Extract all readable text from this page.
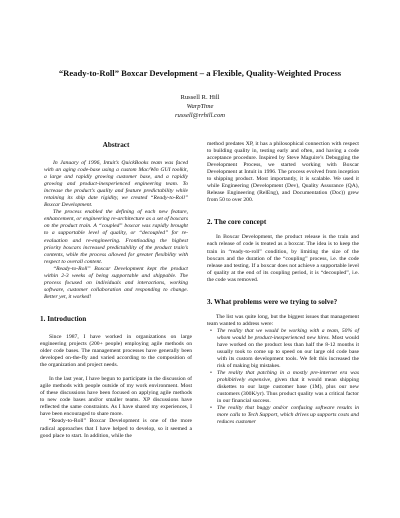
“Ready-to-Roll” Boxcar Development – a Flexible, Quality-Weighted Process
Russell R. Hill
WarpTime
russell@rrhill.com
Abstract

In January of 1996, Intuit’s QuickBooks team was faced with an aging code-base using a custom Mac/Win GUI toolkit, a large and rapidly growing customer base, and a rapidly growing and product-inexperienced engineering team. To increase the product’s quality and feature predictability while retaining its ship date rigidity, we created “Ready-to-Roll” Boxcar Development.

The process enabled the defining of each new feature, enhancement, or engineering re-architecture as a set of boxcars on the product train. A “coupled” boxcar was rapidly brought to a supportable level of quality, or “decoupled” for re-evaluation and re-engineering. Frontloading the highest priority boxcars increased predictability of the product train’s contents, while the process allowed for greater flexibility with respect to overall content.

“Ready-to-Roll” Boxcar Development kept the product within 2-3 weeks of being supportable and shippable. The process focused on individuals and interactions, working software, customer collaboration and responding to change. Better yet, it worked!

1. Introduction

Since 1987, I have worked in organizations on large engineering projects (200+ people) employing agile methods on older code bases. The management processes have generally been developed on-the-fly and varied according to the composition of the organization and project needs.

In the last year, I have begun to participate in the discussion of agile methods with people outside of my work environment. Most of these discussions have been focused on applying agile methods to new code bases and/or smaller teams. XP discussions have reflected the same constraints. As I have shared my experiences, I have been encouraged to share more.

“Ready-to-Roll” Boxcar Development is one of the more radical approaches that I have helped to develop, so it seemed a good place to start. In addition, while the

method predates XP, it has a philosophical connection with respect to building quality in, testing early and often, and having a code acceptance procedure. Inspired by Steve Maguire’s Debugging the Development Process, we started working with Boxcar Development at Intuit in 1996. The process evolved from inception to shipping product. Most importantly, it is scalable. We used it while Engineering (Development (Dev), Quality Assurance (QA), Release Engineering (RelEng), and Documentation (Doc)) grew from 50 to over 200.

2. The core concept

In Boxcar Development, the product release is the train and each release of code is treated as a boxcar. The idea is to keep the train in “ready-to-roll” condition, by limiting the size of the boxcars and the duration of the “coupling” process, i.e. the code release and testing. If a boxcar does not achieve a supportable level of quality at the end of its coupling period, it is “decoupled”, i.e. the code was removed.

3. What problems were we trying to solve?

The list was quite long, but the biggest issues that management team wanted to address were:

• The reality that we would be working with a team, 50% of whom would be product-inexperienced new hires. Most would have worked on the product less than half the 8-12 months it usually took to come up to speed on our large old code base with its custom development tools. We felt this increased the risk of making big mistakes.
• The reality that patching in a mostly pre-internet era was prohibitively expensive, given that it would mean shipping diskettes to our large customer base (1M), plus our new customers (300K/yr). Thus product quality was a critical factor in our financial success.
• The reality that buggy and/or confusing software results in more calls to Tech Support, which drives up supports costs and reduces customer
